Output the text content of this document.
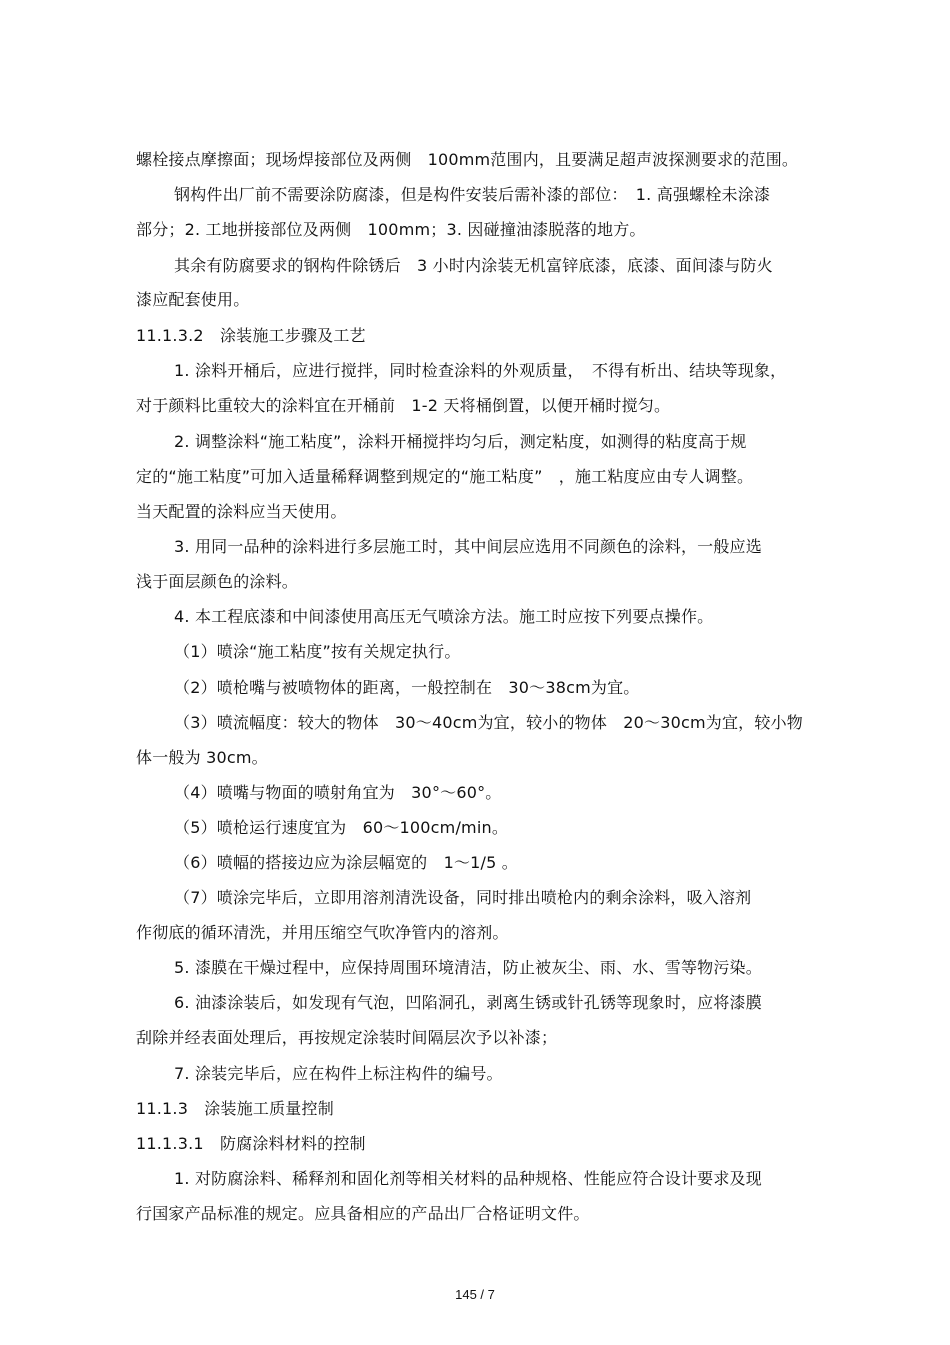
螺栓接点摩擦面；现场焊接部位及两侧　100mm范围内，且要满足超声波探测要求的范围。
钢构件出厂前不需要涂防腐漆，但是构件安装后需补漆的部位：　1. 高强螺栓未涂漆
部分；2. 工地拼接部位及两侧　100mm；3. 因碰撞油漆脱落的地方。
其余有防腐要求的钢构件除锈后　3 小时内涂装无机富锌底漆，底漆、面间漆与防火
漆应配套使用。
11.1.3.2　涂装施工步骤及工艺
1. 涂料开桶后，应进行搅拌，同时检查涂料的外观质量，　不得有析出、结块等现象，
对于颜料比重较大的涂料宜在开桶前　1-2 天将桶倒置，以便开桶时搅匀。
2. 调整涂料“施工粘度”，涂料开桶搅拌均匀后，测定粘度，如测得的粘度高于规
定的“施工粘度”可加入适量稀释调整到规定的“施工粘度”　，施工粘度应由专人调整。
当天配置的涂料应当天使用。
3. 用同一品种的涂料进行多层施工时，其中间层应选用不同颜色的涂料，一般应选
浅于面层颜色的涂料。
4. 本工程底漆和中间漆使用高压无气喷涂方法。施工时应按下列要点操作。
（1）喷涂“施工粘度”按有关规定执行。
（2）喷枪嘴与被喷物体的距离，一般控制在　30～38cm为宜。
（3）喷流幅度：较大的物体　30～40cm为宜，较小的物体　20～30cm为宜，较小物
体一般为 30cm。
（4）喷嘴与物面的喷射角宜为　30°～60°。
（5）喷枪运行速度宜为　60～100cm/min。
（6）喷幅的搭接边应为涂层幅宽的　1～1/5 。
（7）喷涂完毕后，立即用溶剂清洗设备，同时排出喷枪内的剩余涂料，吸入溶剂
作彻底的循环清洗，并用压缩空气吹净管内的溶剂。
5. 漆膜在干燥过程中，应保持周围环境清洁，防止被灰尘、雨、水、雪等物污染。
6. 油漆涂装后，如发现有气泡，凹陷洞孔，剥离生锈或针孔锈等现象时，应将漆膜
刮除并经表面处理后，再按规定涂装时间隔层次予以补漆；
7. 涂装完毕后，应在构件上标注构件的编号。
11.1.3　涂装施工质量控制
11.1.3.1　防腐涂料材料的控制
1. 对防腐涂料、稀释剂和固化剂等相关材料的品种规格、性能应符合设计要求及现
行国家产品标准的规定。应具备相应的产品出厂合格证明文件。
145 / 7
